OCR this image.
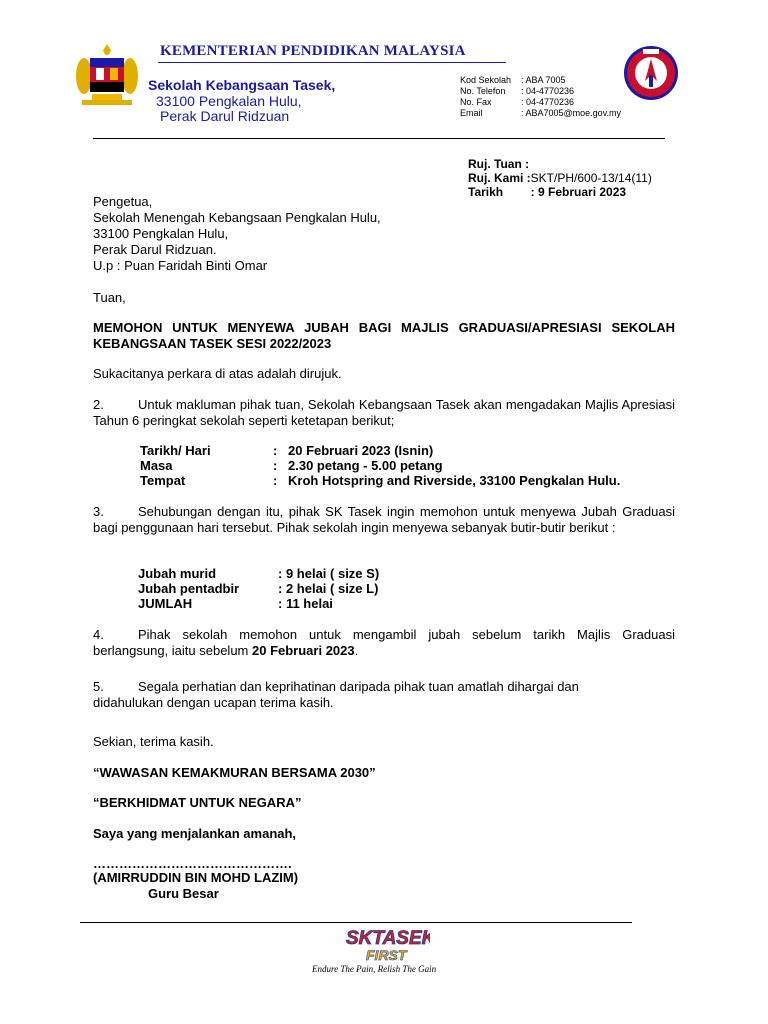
KEMENTERIAN PENDIDIKAN MALAYSIA
Sekolah Kebangsaan Tasek,
33100 Pengkalan Hulu,
Perak Darul Ridzuan
Kod Sekolah	: ABA 7005
No. Telefon	: 04-4770236
No. Fax	: 04-4770236
Email	: ABA7005@moe.gov.my
Ruj. Tuan :	
Ruj. Kami :	SKT/PH/600-13/14(11)
Tarikh	: 9 Februari 2023
Pengetua,
Sekolah Menengah Kebangsaan Pengkalan Hulu,
33100 Pengkalan Hulu,
Perak Darul Ridzuan.
U.p : Puan Faridah Binti Omar
Tuan,
MEMOHON UNTUK MENYEWA JUBAH BAGI MAJLIS GRADUASI/APRESIASI SEKOLAH KEBANGSAAN TASEK SESI 2022/2023
Sukacitanya perkara di atas adalah dirujuk.
2.	Untuk makluman pihak tuan, Sekolah Kebangsaan Tasek akan mengadakan Majlis Apresiasi Tahun 6 peringkat sekolah seperti ketetapan berikut;
Tarikh/ Hari	:	20 Februari 2023 (Isnin)
Masa	:	2.30 petang - 5.00 petang
Tempat	:	Kroh Hotspring and Riverside, 33100 Pengkalan Hulu.
3.	Sehubungan dengan itu, pihak SK Tasek ingin memohon untuk menyewa Jubah Graduasi bagi penggunaan hari tersebut. Pihak sekolah ingin menyewa sebanyak butir-butir berikut :
Jubah murid	: 9 helai ( size S)
Jubah pentadbir	: 2 helai ( size L)
JUMLAH	: 11 helai
4.	Pihak sekolah memohon untuk mengambil jubah sebelum tarikh Majlis Graduasi berlangsung, iaitu sebelum 20 Februari 2023.
5.	Segala perhatian dan keprihatinan daripada pihak tuan amatlah dihargai dan didahulukan dengan ucapan terima kasih.
Sekian, terima kasih.
“WAWASAN KEMAKMURAN BERSAMA 2030”
“BERKHIDMAT UNTUK NEGARA”
Saya yang menjalankan amanah,
……………………………………….
(AMIRRUDDIN BIN MOHD LAZIM)
Guru Besar
SKTASEK
FIRST
Endure The Pain, Relish The Gain
